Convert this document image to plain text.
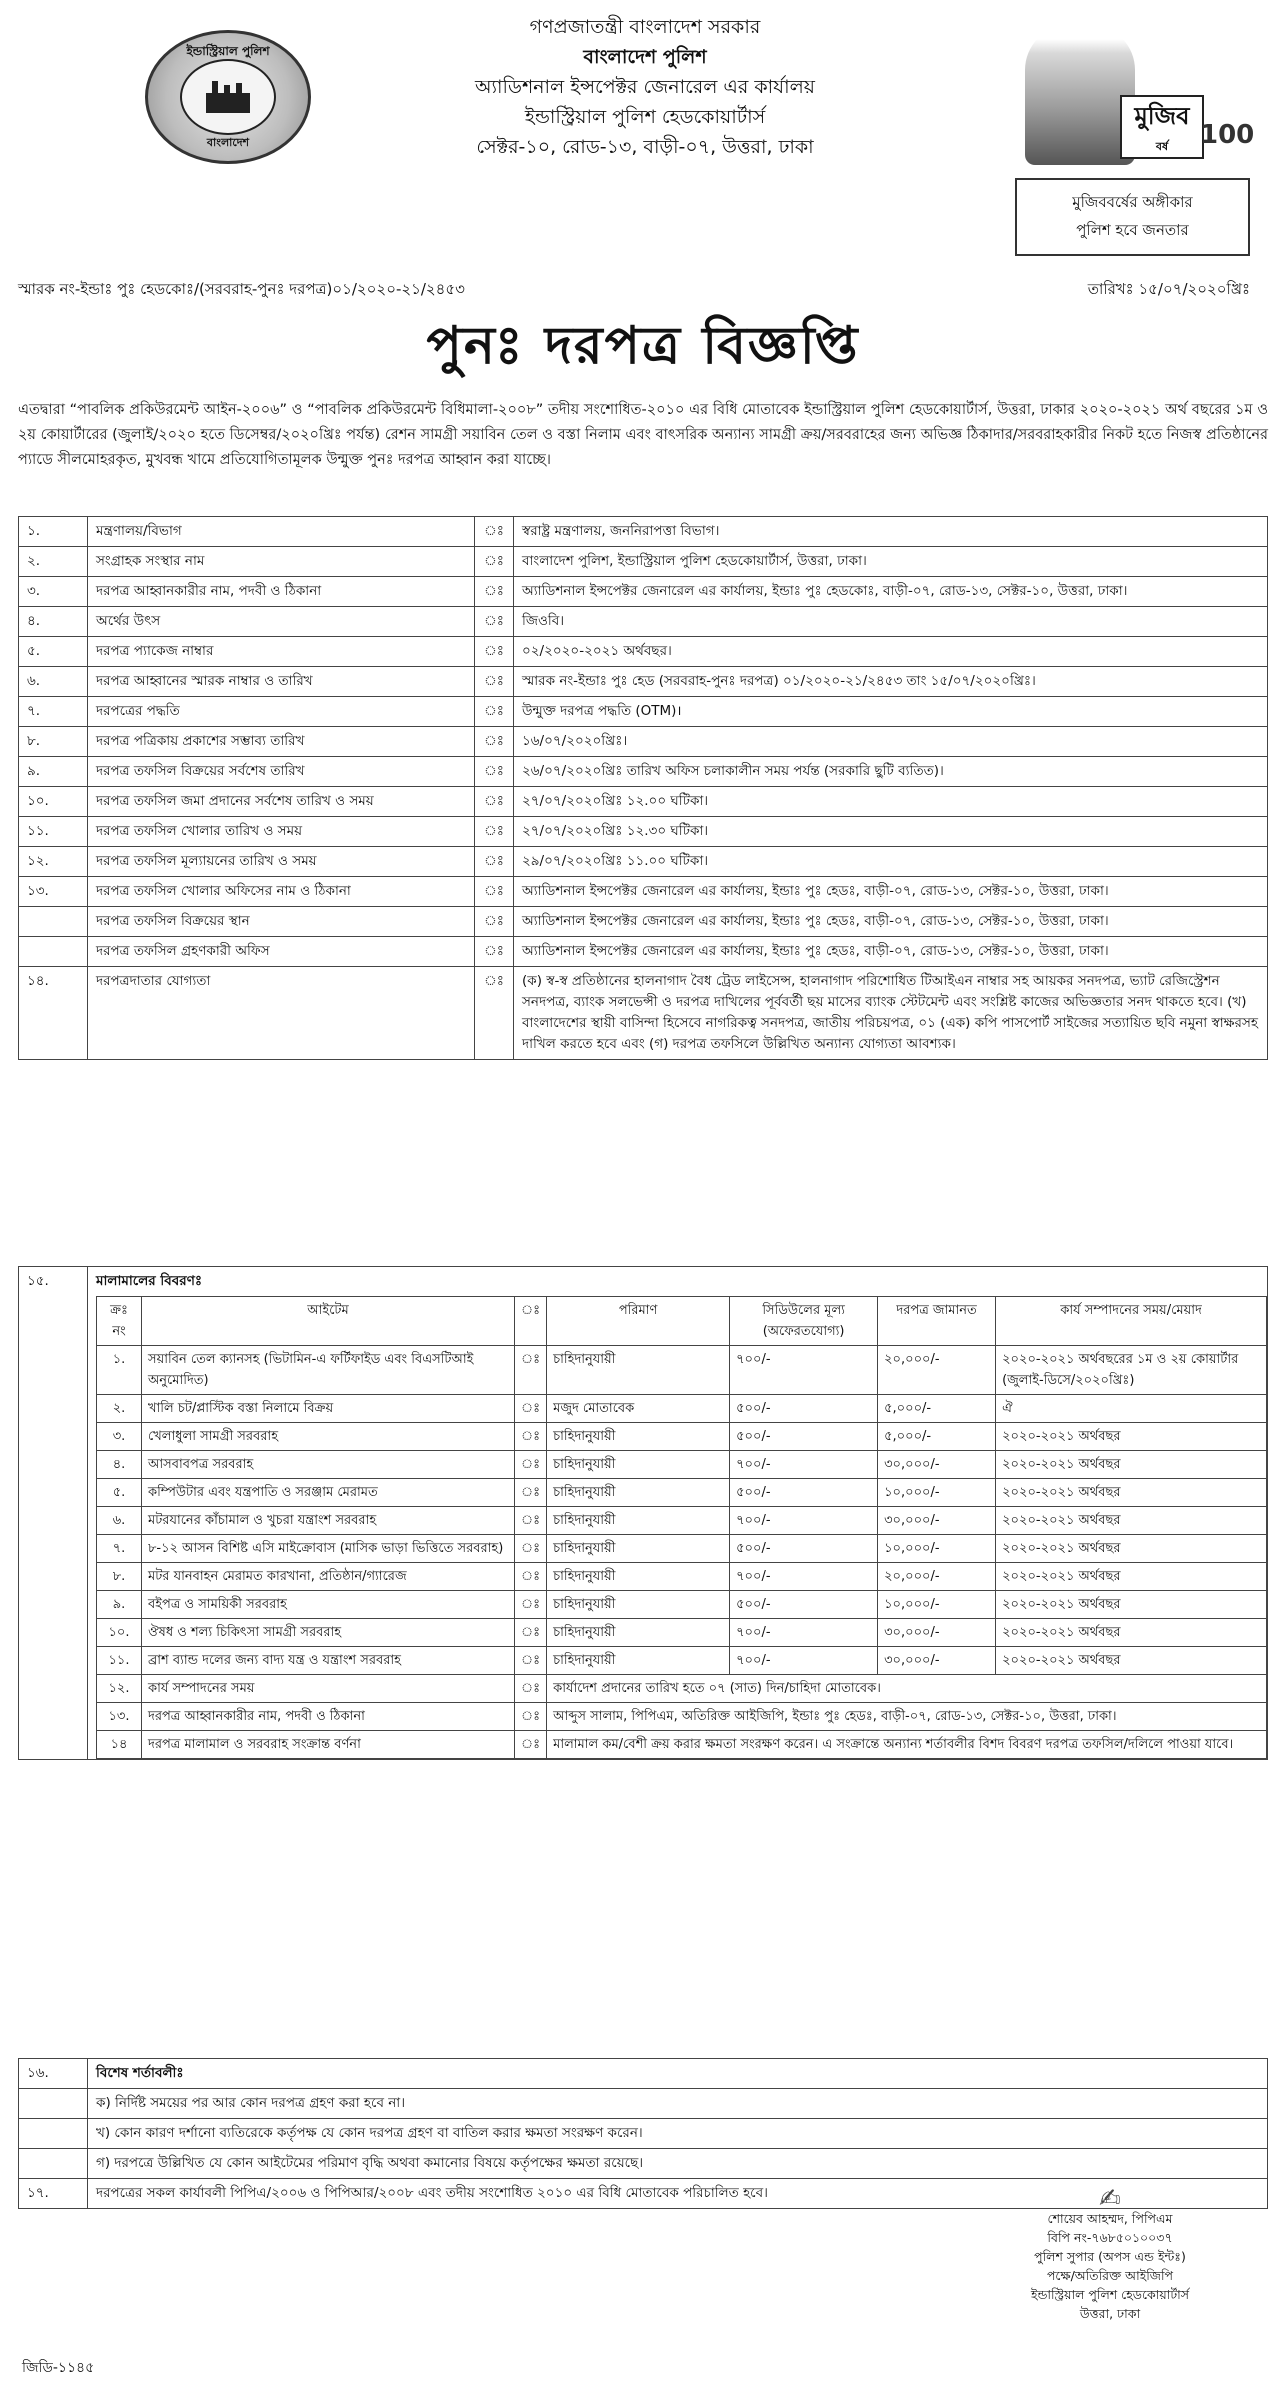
ইন্ডাস্ট্রিয়াল পুলিশ
বাংলাদেশ
গণপ্রজাতন্ত্রী বাংলাদেশ সরকার
বাংলাদেশ পুলিশ
অ্যাডিশনাল ইন্সপেক্টর জেনারেল এর কার্যালয়
ইন্ডাস্ট্রিয়াল পুলিশ হেডকোয়ার্টার্স
সেক্টর-১০, রোড-১৩, বাড়ী-০৭, উত্তরা, ঢাকা
মুজিব
বর্ষ	100
মুজিববর্ষের অঙ্গীকার
পুলিশ হবে জনতার
স্মারক নং-ইন্ডাঃ পুঃ হেডকোঃ/(সরবরাহ-পুনঃ দরপত্র)০১/২০২০-২১/২৪৫৩	তারিখঃ ১৫/০৭/২০২০খ্রিঃ
পুনঃ দরপত্র বিজ্ঞপ্তি
এতদ্বারা “পাবলিক প্রকিউরমেন্ট আইন-২০০৬” ও “পাবলিক প্রকিউরমেন্ট বিধিমালা-২০০৮” তদীয় সংশোধিত-২০১০ এর বিধি মোতাবেক ইন্ডাস্ট্রিয়াল পুলিশ হেডকোয়ার্টার্স, উত্তরা, ঢাকার ২০২০-২০২১ অর্থ বছরের ১ম ও ২য় কোয়ার্টারের (জুলাই/২০২০ হতে ডিসেম্বর/২০২০খ্রিঃ পর্যন্ত) রেশন সামগ্রী সয়াবিন তেল ও বস্তা নিলাম এবং বাৎসরিক অন্যান্য সামগ্রী ক্রয়/সরবরাহের জন্য অভিজ্ঞ ঠিকাদার/সরবরাহকারীর নিকট হতে নিজস্ব প্রতিষ্ঠানের প্যাডে সীলমোহরকৃত, মুখবন্ধ খামে প্রতিযোগিতামূলক উন্মুক্ত পুনঃ দরপত্র আহ্বান করা যাচ্ছে।
১.	মন্ত্রণালয়/বিভাগ	ঃ	স্বরাষ্ট্র মন্ত্রণালয়, জননিরাপত্তা বিভাগ।
২.	সংগ্রাহক সংস্থার নাম	ঃ	বাংলাদেশ পুলিশ, ইন্ডাস্ট্রিয়াল পুলিশ হেডকোয়ার্টার্স, উত্তরা, ঢাকা।
৩.	দরপত্র আহ্বানকারীর নাম, পদবী ও ঠিকানা	ঃ	অ্যাডিশনাল ইন্সপেক্টর জেনারেল এর কার্যালয়, ইন্ডাঃ পুঃ হেডকোঃ, বাড়ী-০৭, রোড-১৩, সেক্টর-১০, উত্তরা, ঢাকা।
৪.	অর্থের উৎস	ঃ	জিওবি।
৫.	দরপত্র প্যাকেজ নাম্বার	ঃ	০২/২০২০-২০২১ অর্থবছর।
৬.	দরপত্র আহ্বানের স্মারক নাম্বার ও তারিখ	ঃ	স্মারক নং-ইন্ডাঃ পুঃ হেড (সরবরাহ-পুনঃ দরপত্র) ০১/২০২০-২১/২৪৫৩ তাং ১৫/০৭/২০২০খ্রিঃ।
৭.	দরপত্রের পদ্ধতি	ঃ	উন্মুক্ত দরপত্র পদ্ধতি (OTM)।
৮.	দরপত্র পত্রিকায় প্রকাশের সম্ভাব্য তারিখ	ঃ	১৬/০৭/২০২০খ্রিঃ।
৯.	দরপত্র তফসিল বিক্রয়ের সর্বশেষ তারিখ	ঃ	২৬/০৭/২০২০খ্রিঃ তারিখ অফিস চলাকালীন সময় পর্যন্ত (সরকারি ছুটি ব্যতিত)।
১০.	দরপত্র তফসিল জমা প্রদানের সর্বশেষ তারিখ ও সময়	ঃ	২৭/০৭/২০২০খ্রিঃ ১২.০০ ঘটিকা।
১১.	দরপত্র তফসিল খোলার তারিখ ও সময়	ঃ	২৭/০৭/২০২০খ্রিঃ ১২.৩০ ঘটিকা।
১২.	দরপত্র তফসিল মূল্যায়নের তারিখ ও সময়	ঃ	২৯/০৭/২০২০খ্রিঃ ১১.০০ ঘটিকা।
১৩.	দরপত্র তফসিল খোলার অফিসের নাম ও ঠিকানা	ঃ	অ্যাডিশনাল ইন্সপেক্টর জেনারেল এর কার্যালয়, ইন্ডাঃ পুঃ হেডঃ, বাড়ী-০৭, রোড-১৩, সেক্টর-১০, উত্তরা, ঢাকা।
	দরপত্র তফসিল বিক্রয়ের স্থান	ঃ	অ্যাডিশনাল ইন্সপেক্টর জেনারেল এর কার্যালয়, ইন্ডাঃ পুঃ হেডঃ, বাড়ী-০৭, রোড-১৩, সেক্টর-১০, উত্তরা, ঢাকা।
	দরপত্র তফসিল গ্রহণকারী অফিস	ঃ	অ্যাডিশনাল ইন্সপেক্টর জেনারেল এর কার্যালয়, ইন্ডাঃ পুঃ হেডঃ, বাড়ী-০৭, রোড-১৩, সেক্টর-১০, উত্তরা, ঢাকা।
১৪.	দরপত্রদাতার যোগ্যতা	ঃ	(ক) স্ব-স্ব প্রতিষ্ঠানের হালনাগাদ বৈধ ট্রেড লাইসেন্স, হালনাগাদ পরিশোধিত টিআইএন নাম্বার সহ আয়কর সনদপত্র, ভ্যাট রেজিস্ট্রেশন সনদপত্র, ব্যাংক সলভেন্সী ও দরপত্র দাখিলের পূর্ববর্তী ছয় মাসের ব্যাংক স্টেটমেন্ট এবং সংশ্লিষ্ট কাজের অভিজ্ঞতার সনদ থাকতে হবে। (খ) বাংলাদেশের স্থায়ী বাসিন্দা হিসেবে নাগরিকত্ব সনদপত্র, জাতীয় পরিচয়পত্র, ০১ (এক) কপি পাসপোর্ট সাইজের সত্যায়িত ছবি নমুনা স্বাক্ষরসহ দাখিল করতে হবে এবং (গ) দরপত্র তফসিলে উল্লিখিত অন্যান্য যোগ্যতা আবশ্যক।
১৫.	মালামালের বিবরণঃ

ক্রঃ নং	আইটেম	ঃ	পরিমাণ	সিডিউলের মূল্য (অফেরতযোগ্য)	দরপত্র জামানত	কার্য সম্পাদনের সময়/মেয়াদ
১.	সয়াবিন তেল ক্যানসহ (ভিটামিন-এ ফর্টিফাইড এবং বিএসটিআই অনুমোদিত)	ঃ	চাহিদানুযায়ী	৭০০/-	২০,০০০/-	২০২০-২০২১ অর্থবছরের ১ম ও ২য় কোয়ার্টার (জুলাই-ডিসে/২০২০খ্রিঃ)
২.	খালি চট/প্লাস্টিক বস্তা নিলামে বিক্রয়	ঃ	মজুদ মোতাবেক	৫০০/-	৫,০০০/-	ঐ
৩.	খেলাধুলা সামগ্রী সরবরাহ	ঃ	চাহিদানুযায়ী	৫০০/-	৫,০০০/-	২০২০-২০২১ অর্থবছর
৪.	আসবাবপত্র সরবরাহ	ঃ	চাহিদানুযায়ী	৭০০/-	৩০,০০০/-	২০২০-২০২১ অর্থবছর
৫.	কম্পিউটার এবং যন্ত্রপাতি ও সরঞ্জাম মেরামত	ঃ	চাহিদানুযায়ী	৫০০/-	১০,০০০/-	২০২০-২০২১ অর্থবছর
৬.	মটরযানের কাঁচামাল ও খুচরা যন্ত্রাংশ সরবরাহ	ঃ	চাহিদানুযায়ী	৭০০/-	৩০,০০০/-	২০২০-২০২১ অর্থবছর
৭.	৮-১২ আসন বিশিষ্ট এসি মাইক্রোবাস (মাসিক ভাড়া ভিত্তিতে সরবরাহ)	ঃ	চাহিদানুযায়ী	৫০০/-	১০,০০০/-	২০২০-২০২১ অর্থবছর
৮.	মটর যানবাহন মেরামত কারখানা, প্রতিষ্ঠান/গ্যারেজ	ঃ	চাহিদানুযায়ী	৭০০/-	২০,০০০/-	২০২০-২০২১ অর্থবছর
৯.	বইপত্র ও সাময়িকী সরবরাহ	ঃ	চাহিদানুযায়ী	৫০০/-	১০,০০০/-	২০২০-২০২১ অর্থবছর
১০.	ঔষধ ও শল্য চিকিৎসা সামগ্রী সরবরাহ	ঃ	চাহিদানুযায়ী	৭০০/-	৩০,০০০/-	২০২০-২০২১ অর্থবছর
১১.	ব্রাশ ব্যান্ড দলের জন্য বাদ্য যন্ত্র ও যন্ত্রাংশ সরবরাহ	ঃ	চাহিদানুযায়ী	৭০০/-	৩০,০০০/-	২০২০-২০২১ অর্থবছর
১২.	কার্য সম্পাদনের সময়	ঃ	কার্যাদেশ প্রদানের তারিখ হতে ০৭ (সাত) দিন/চাহিদা মোতাবেক।
১৩.	দরপত্র আহ্বানকারীর নাম, পদবী ও ঠিকানা	ঃ	আব্দুস সালাম, পিপিএম, অতিরিক্ত আইজিপি, ইন্ডাঃ পুঃ হেডঃ, বাড়ী-০৭, রোড-১৩, সেক্টর-১০, উত্তরা, ঢাকা।
১৪	দরপত্র মালামাল ও সরবরাহ সংক্রান্ত বর্ণনা	ঃ	মালামাল কম/বেশী ক্রয় করার ক্ষমতা সংরক্ষণ করেন। এ সংক্রান্তে অন্যান্য শর্তাবলীর বিশদ বিবরণ দরপত্র তফসিল/দলিলে পাওয়া যাবে।
১৬.	বিশেষ শর্তাবলীঃ
	ক) নির্দিষ্ট সময়ের পর আর কোন দরপত্র গ্রহণ করা হবে না।
	খ) কোন কারণ দর্শানো ব্যতিরেকে কর্তৃপক্ষ যে কোন দরপত্র গ্রহণ বা বাতিল করার ক্ষমতা সংরক্ষণ করেন।
	গ) দরপত্রে উল্লিখিত যে কোন আইটেমের পরিমাণ বৃদ্ধি অথবা কমানোর বিষয়ে কর্তৃপক্ষের ক্ষমতা রয়েছে।
১৭.	দরপত্রের সকল কার্যাবলী পিপিএ/২০০৬ ও পিপিআর/২০০৮ এবং তদীয় সংশোধিত ২০১০ এর বিধি মোতাবেক পরিচালিত হবে।	✍
শোয়েব আহম্মদ, পিপিএম
বিপি নং-৭৬৮৫০১০০৩৭
পুলিশ সুপার (অপস এন্ড ইন্টঃ)
পক্ষে/অতিরিক্ত আইজিপি
ইন্ডাস্ট্রিয়াল পুলিশ হেডকোয়ার্টার্স
উত্তরা, ঢাকা
জিডি-১১৪৫
